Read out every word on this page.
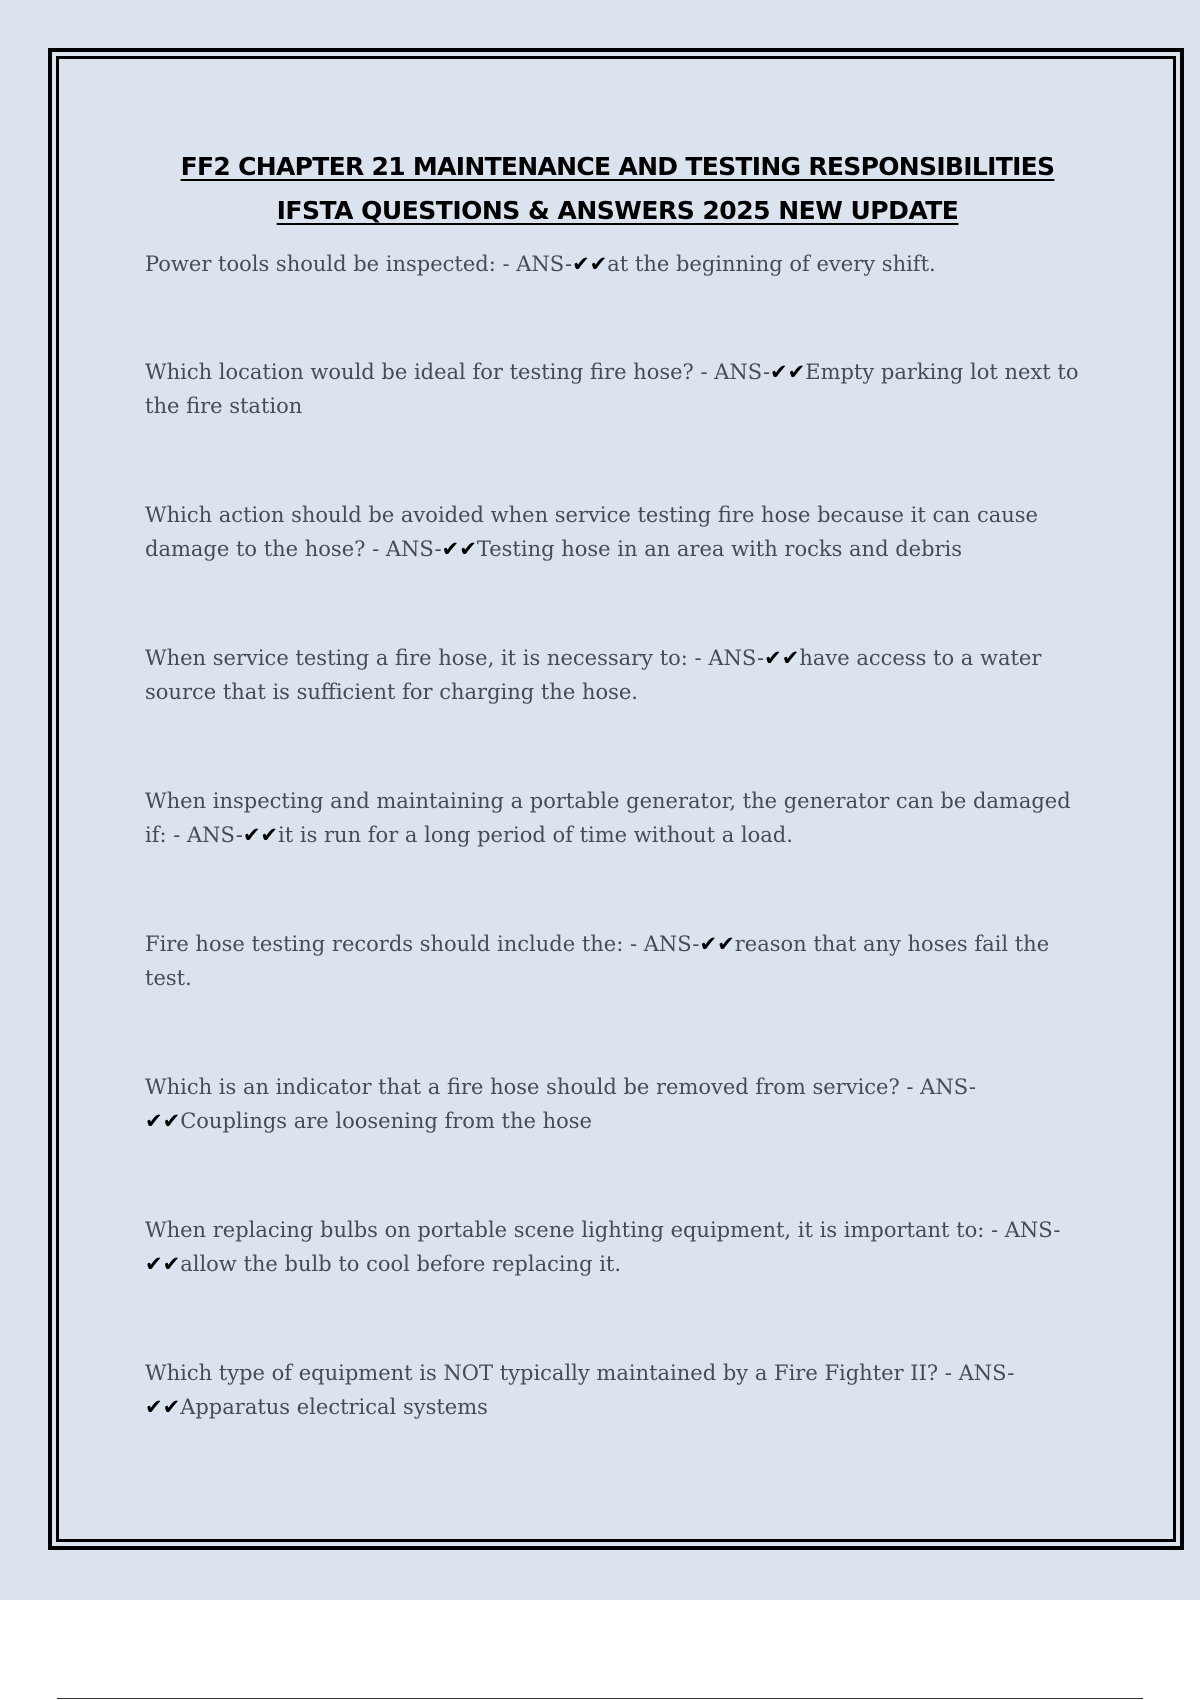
FF2 CHAPTER 21 MAINTENANCE AND TESTING RESPONSIBILITIES
IFSTA QUESTIONS & ANSWERS 2025 NEW UPDATE

Power tools should be inspected: - ANS-✔✔at the beginning of every shift.

Which location would be ideal for testing fire hose? - ANS-✔✔Empty parking lot next to the fire station

Which action should be avoided when service testing fire hose because it can cause damage to the hose? - ANS-✔✔Testing hose in an area with rocks and debris

When service testing a fire hose, it is necessary to: - ANS-✔✔have access to a water source that is sufficient for charging the hose.

When inspecting and maintaining a portable generator, the generator can be damaged if: - ANS-✔✔it is run for a long period of time without a load.

Fire hose testing records should include the: - ANS-✔✔reason that any hoses fail the test.

Which is an indicator that a fire hose should be removed from service? - ANS-✔✔Couplings are loosening from the hose

When replacing bulbs on portable scene lighting equipment, it is important to: - ANS-✔✔allow the bulb to cool before replacing it.

Which type of equipment is NOT typically maintained by a Fire Fighter II? - ANS-✔✔Apparatus electrical systems
